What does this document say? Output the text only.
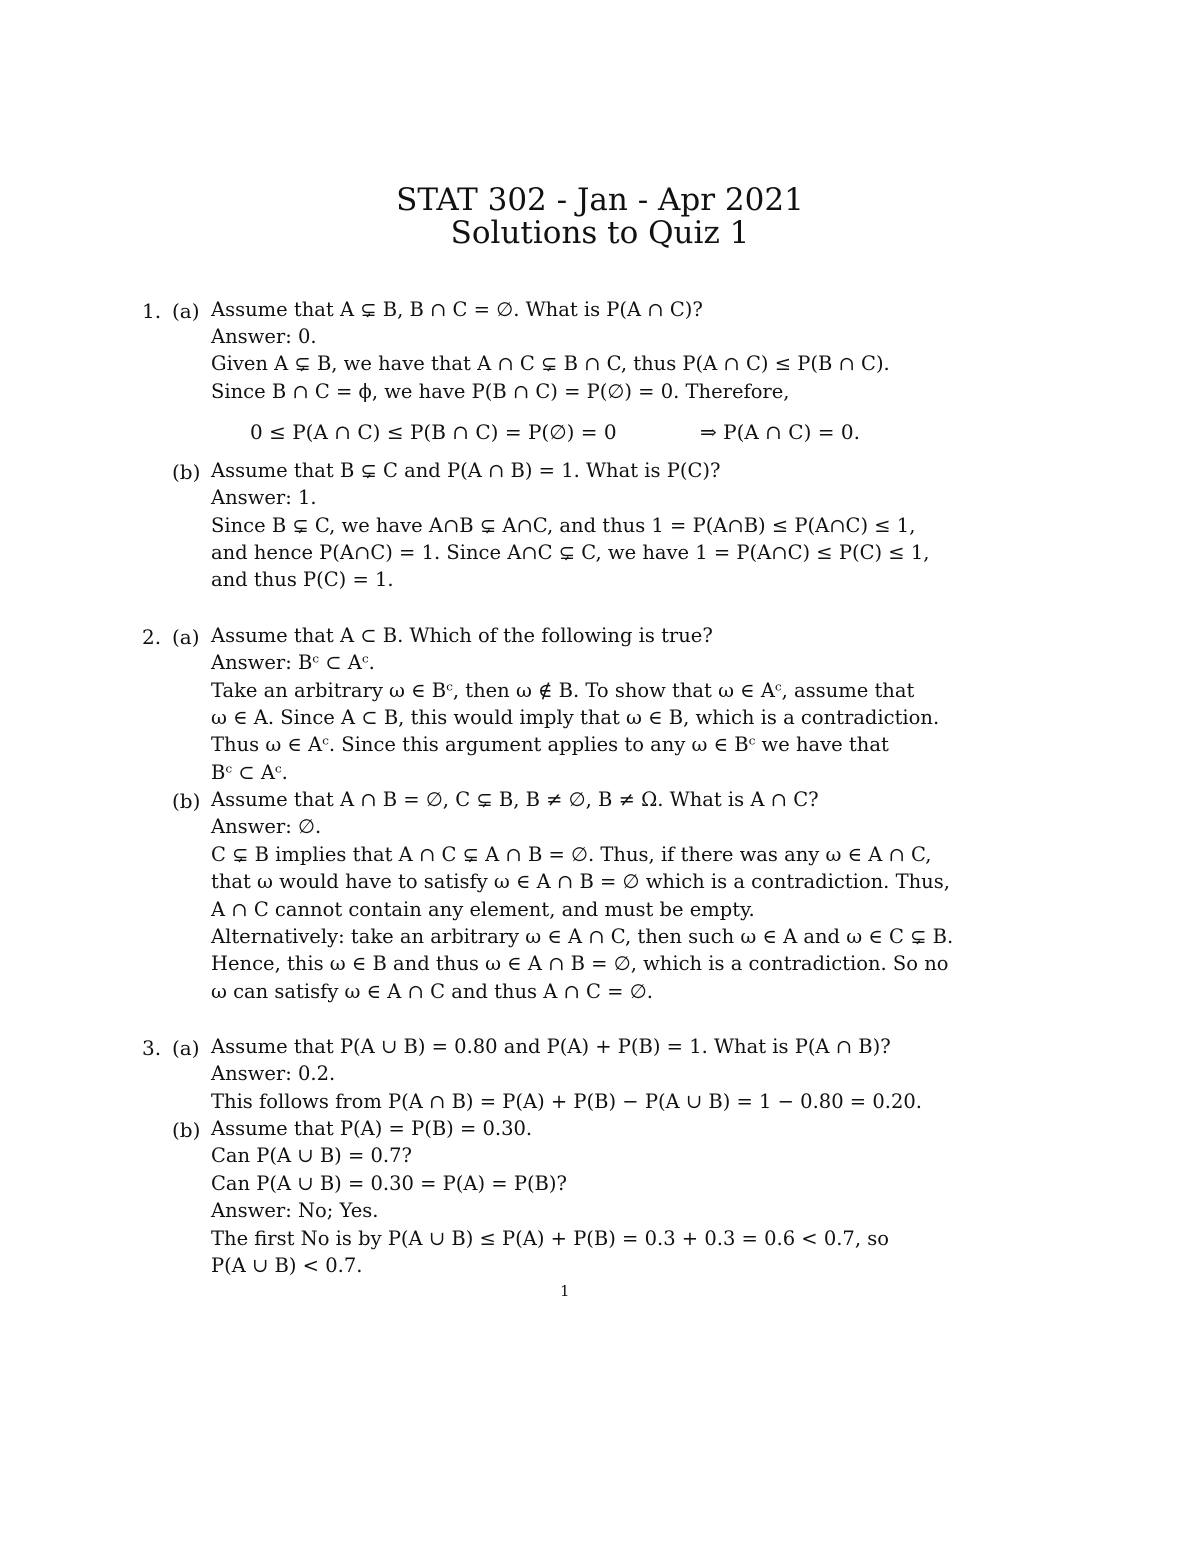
STAT 302 - Jan - Apr 2021
Solutions to Quiz 1
1. (a) Assume that A ⊊ B, B ∩ C = ∅. What is P(A ∩ C)?
Answer: 0.
Given A ⊊ B, we have that A ∩ C ⊊ B ∩ C, thus P(A ∩ C) ≤ P(B ∩ C).
Since B ∩ C = ϕ, we have P(B ∩ C) = P(∅) = 0. Therefore,
0 ≤ P(A ∩ C) ≤ P(B ∩ C) = P(∅) = 0	⇒ P(A ∩ C) = 0.
(b) Assume that B ⊊ C and P(A ∩ B) = 1. What is P(C)?
Answer: 1.
Since B ⊊ C, we have A∩B ⊊ A∩C, and thus 1 = P(A∩B) ≤ P(A∩C) ≤ 1,
and hence P(A∩C) = 1. Since A∩C ⊊ C, we have 1 = P(A∩C) ≤ P(C) ≤ 1,
and thus P(C) = 1.
2. (a) Assume that A ⊂ B. Which of the following is true?
Answer: Bᶜ ⊂ Aᶜ.
Take an arbitrary ω ∈ Bᶜ, then ω ∉ B. To show that ω ∈ Aᶜ, assume that
ω ∈ A. Since A ⊂ B, this would imply that ω ∈ B, which is a contradiction.
Thus ω ∈ Aᶜ. Since this argument applies to any ω ∈ Bᶜ we have that
Bᶜ ⊂ Aᶜ.
(b) Assume that A ∩ B = ∅, C ⊊ B, B ≠ ∅, B ≠ Ω. What is A ∩ C?
Answer: ∅.
C ⊊ B implies that A ∩ C ⊊ A ∩ B = ∅. Thus, if there was any ω ∈ A ∩ C,
that ω would have to satisfy ω ∈ A ∩ B = ∅ which is a contradiction. Thus,
A ∩ C cannot contain any element, and must be empty.
Alternatively: take an arbitrary ω ∈ A ∩ C, then such ω ∈ A and ω ∈ C ⊊ B.
Hence, this ω ∈ B and thus ω ∈ A ∩ B = ∅, which is a contradiction. So no
ω can satisfy ω ∈ A ∩ C and thus A ∩ C = ∅.
3. (a) Assume that P(A ∪ B) = 0.80 and P(A) + P(B) = 1. What is P(A ∩ B)?
Answer: 0.2.
This follows from P(A ∩ B) = P(A) + P(B) − P(A ∪ B) = 1 − 0.80 = 0.20.
(b) Assume that P(A) = P(B) = 0.30.
Can P(A ∪ B) = 0.7?
Can P(A ∪ B) = 0.30 = P(A) = P(B)?
Answer: No; Yes.
The first No is by P(A ∪ B) ≤ P(A) + P(B) = 0.3 + 0.3 = 0.6 < 0.7, so
P(A ∪ B) < 0.7.
1
